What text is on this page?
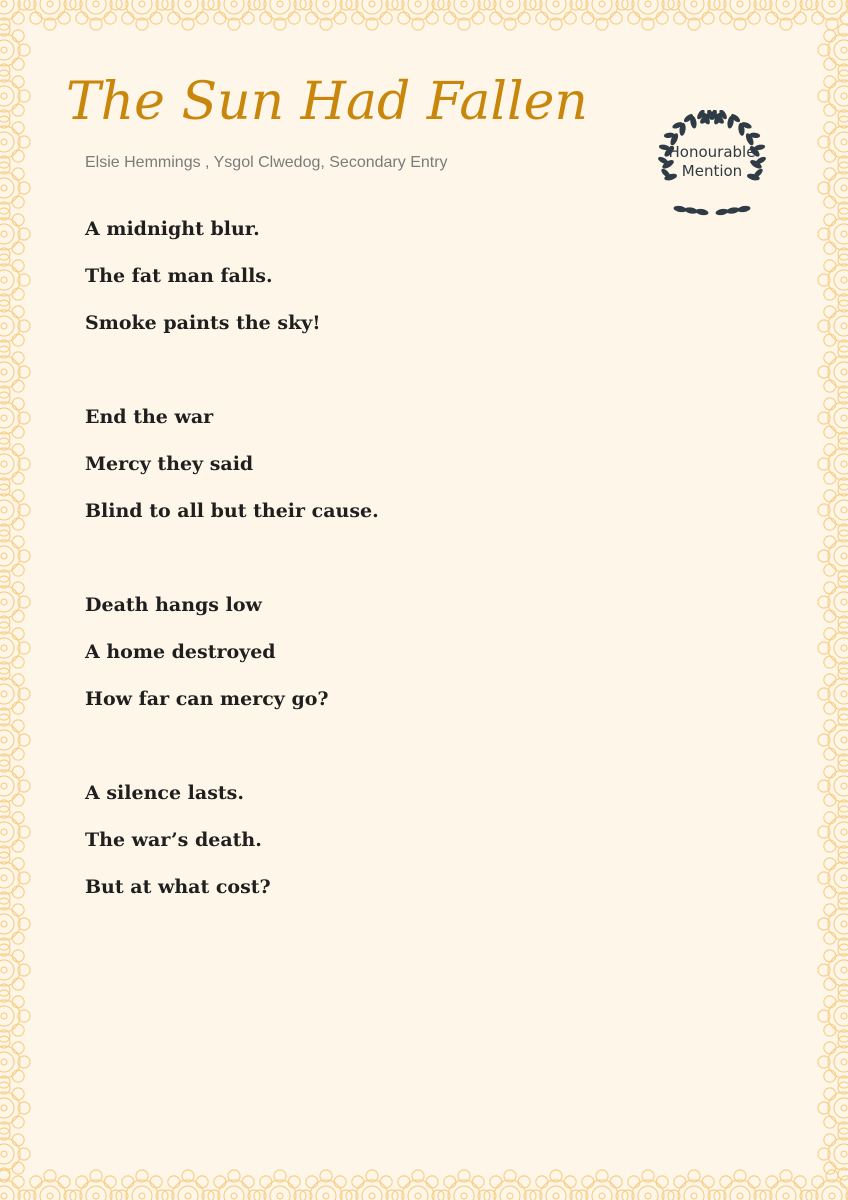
The Sun Had Fallen

Elsie Hemmings , Ysgol Clwedog, Secondary Entry

Honourable
Mention
A midnight blur.
The fat man falls.
Smoke paints the sky!
End the war
Mercy they said
Blind to all but their cause.
Death hangs low
A home destroyed
How far can mercy go?
A silence lasts.
The war’s death.
But at what cost?
